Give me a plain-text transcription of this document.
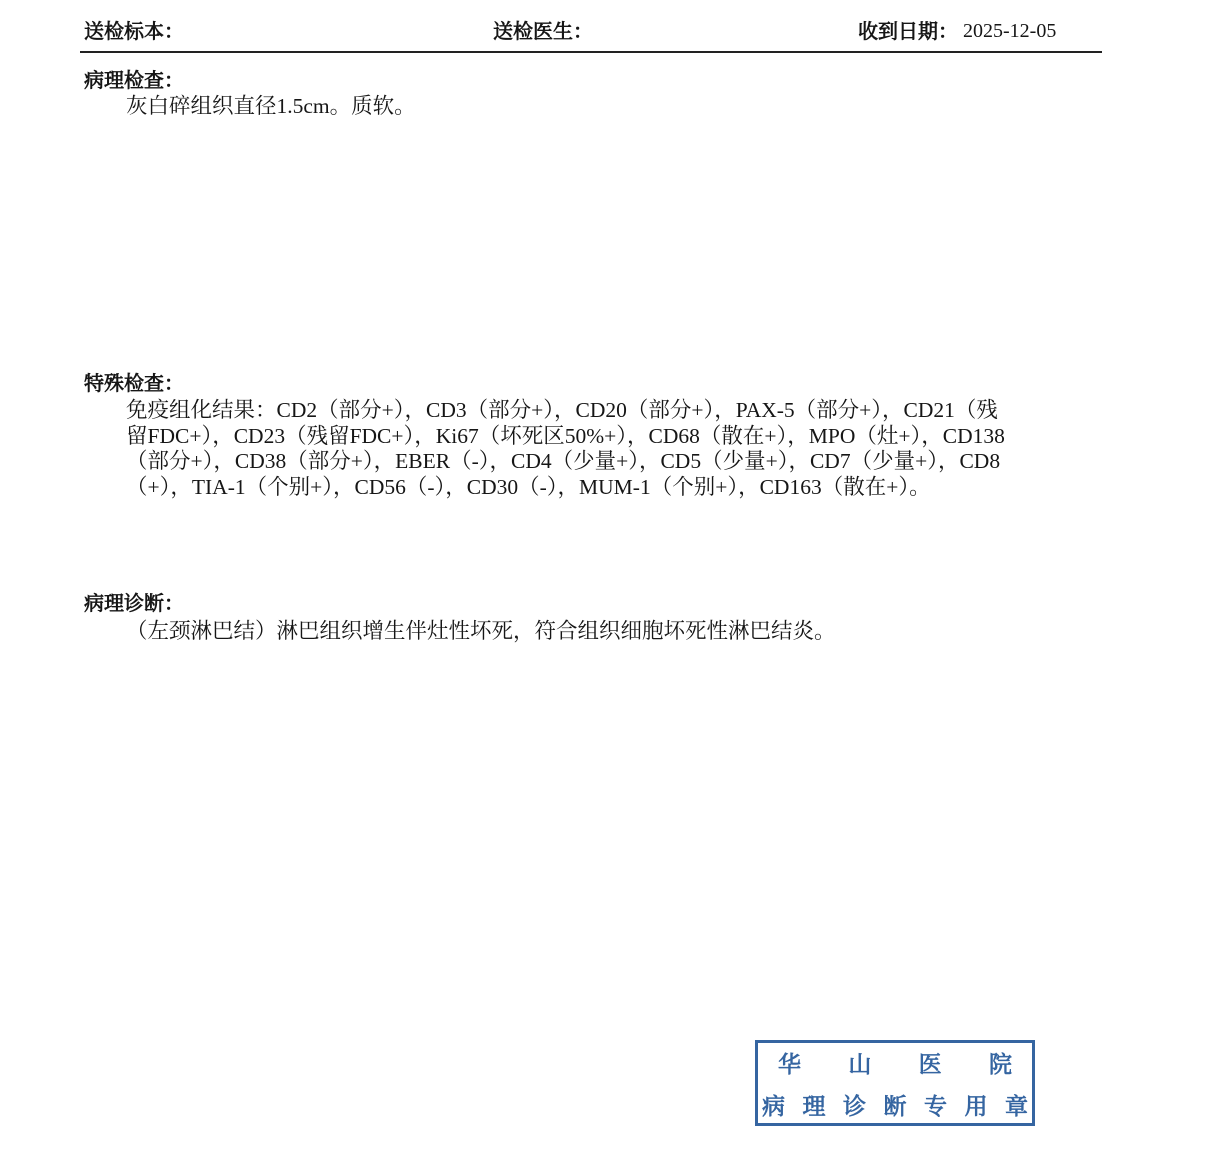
送检标本：	送检医生：	收到日期： 2025-12-05
病理检查：
灰白碎组织直径1.5cm。质软。
特殊检查：
免疫组化结果：CD2（部分+），CD3（部分+），CD20（部分+），PAX-5（部分+），CD21（残
留FDC+），CD23（残留FDC+），Ki67（坏死区50%+），CD68（散在+），MPO（灶+），CD138
（部分+），CD38（部分+），EBER（-），CD4（少量+），CD5（少量+），CD7（少量+），CD8
（+），TIA-1（个别+），CD56（-），CD30（-），MUM-1（个别+），CD163（散在+）。
病理诊断：
（左颈淋巴结）淋巴组织增生伴灶性坏死，符合组织细胞坏死性淋巴结炎。
华 山 医 院
病 理 诊 断 专 用 章
